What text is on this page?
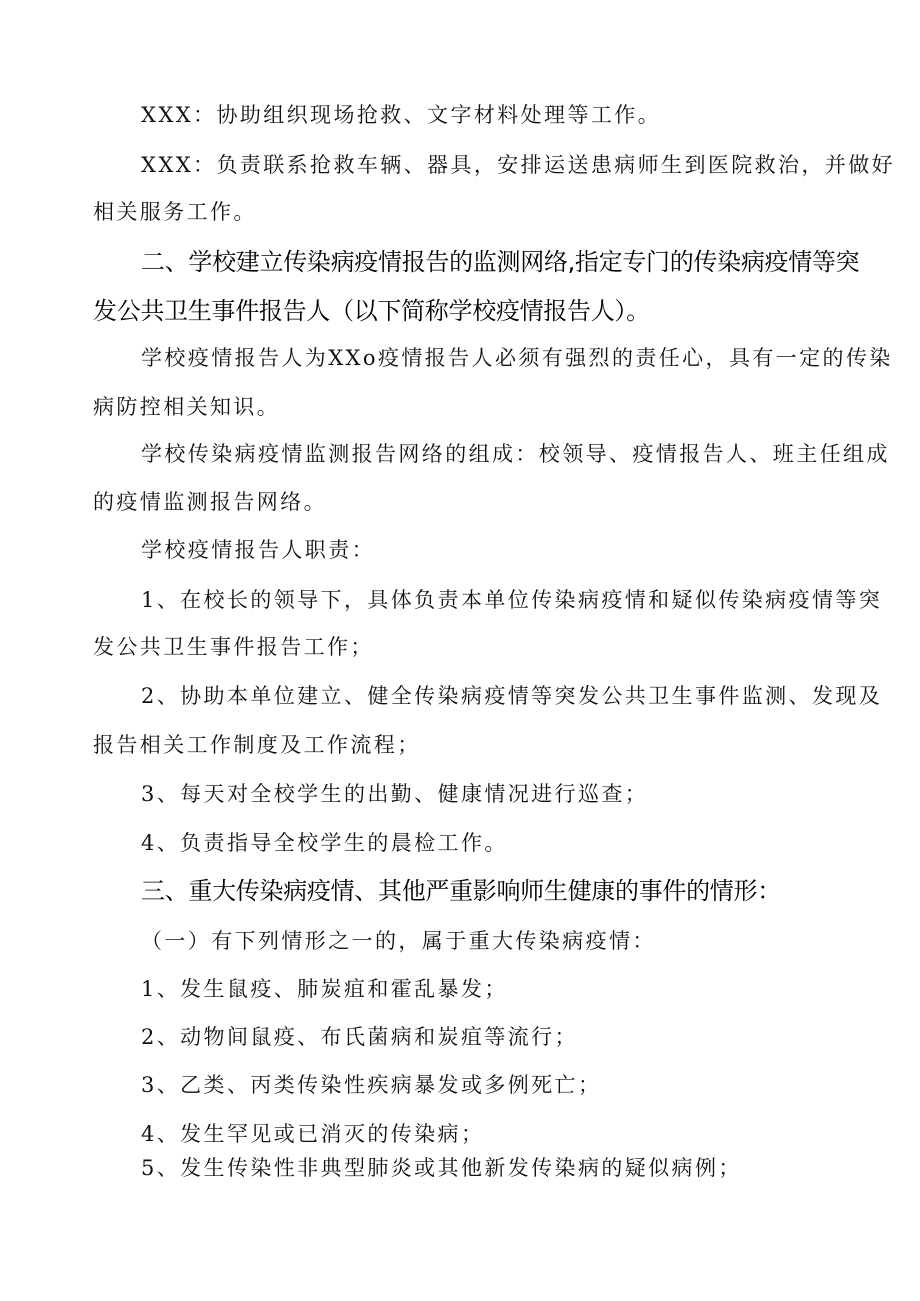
XXX：协助组织现场抢救、文字材料处理等工作。

XXX：负责联系抢救车辆、器具，安排运送患病师生到医院救治，并做好

相关服务工作。

二、学校建立传染病疫情报告的监测网络,指定专门的传染病疫情等突

发公共卫生事件报告人（以下简称学校疫情报告人）。

学校疫情报告人为XXo疫情报告人必须有强烈的责任心，具有一定的传染

病防控相关知识。

学校传染病疫情监测报告网络的组成：校领导、疫情报告人、班主任组成

的疫情监测报告网络。

学校疫情报告人职责：

1、在校长的领导下，具体负责本单位传染病疫情和疑似传染病疫情等突

发公共卫生事件报告工作；

2、协助本单位建立、健全传染病疫情等突发公共卫生事件监测、发现及

报告相关工作制度及工作流程；

3、每天对全校学生的出勤、健康情况进行巡查；

4、负责指导全校学生的晨检工作。

三、重大传染病疫情、其他严重影响师生健康的事件的情形：

（一）有下列情形之一的，属于重大传染病疫情：

1、发生鼠疫、肺炭疽和霍乱暴发；

2、动物间鼠疫、布氏菌病和炭疽等流行；

3、乙类、丙类传染性疾病暴发或多例死亡；

4、发生罕见或已消灭的传染病；

5、发生传染性非典型肺炎或其他新发传染病的疑似病例；
